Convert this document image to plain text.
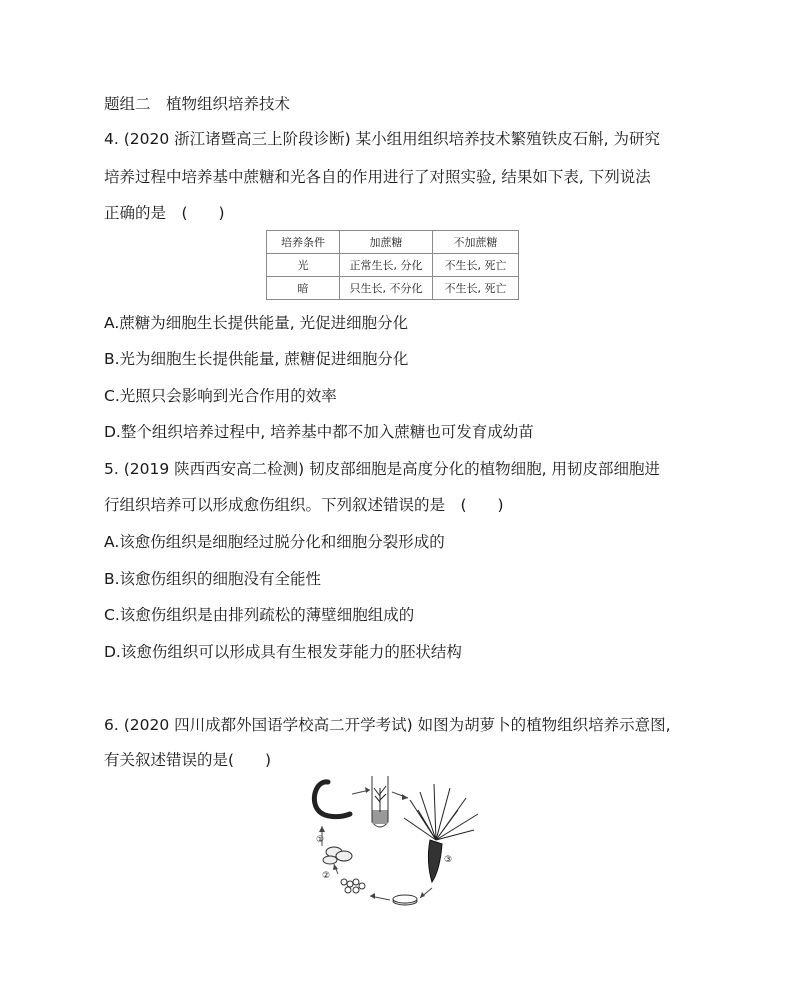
题组二　植物组织培养技术
4. (2020 浙江诸暨高三上阶段诊断) 某小组用组织培养技术繁殖铁皮石斛, 为研究
培养过程中培养基中蔗糖和光各自的作用进行了对照实验, 结果如下表, 下列说法
正确的是　(　　)
培养条件	加蔗糖	不加蔗糖
光	正常生长, 分化	不生长, 死亡
暗	只生长, 不分化	不生长, 死亡
A.蔗糖为细胞生长提供能量, 光促进细胞分化
B.光为细胞生长提供能量, 蔗糖促进细胞分化
C.光照只会影响到光合作用的效率
D.整个组织培养过程中, 培养基中都不加入蔗糖也可发育成幼苗
5. (2019 陕西西安高二检测) 韧皮部细胞是高度分化的植物细胞, 用韧皮部细胞进
行组织培养可以形成愈伤组织。下列叙述错误的是　(　　)
A.该愈伤组织是细胞经过脱分化和细胞分裂形成的
B.该愈伤组织的细胞没有全能性
C.该愈伤组织是由排列疏松的薄壁细胞组成的
D.该愈伤组织可以形成具有生根发芽能力的胚状结构
6. (2020 四川成都外国语学校高二开学考试) 如图为胡萝卜的植物组织培养示意图,
有关叙述错误的是(　　)
①
②
③
